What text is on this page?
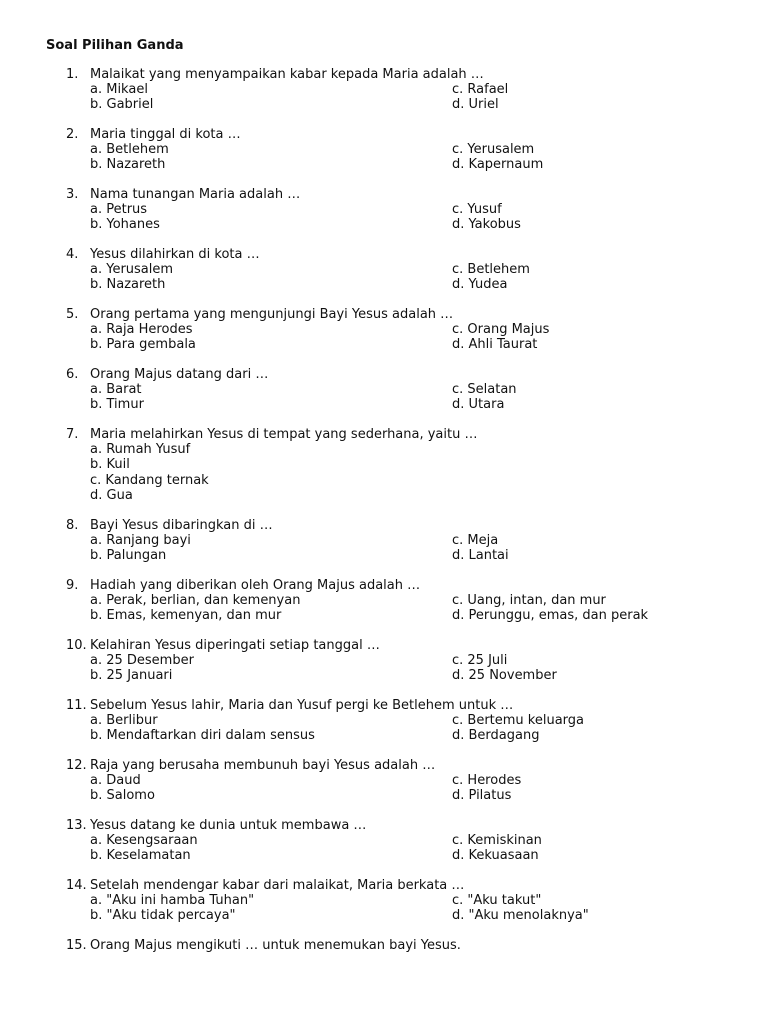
Soal Pilihan Ganda
1. Malaikat yang menyampaikan kabar kepada Maria adalah …
a. Mikael	c. Rafael
b. Gabriel	d. Uriel
2. Maria tinggal di kota …
a. Betlehem	c. Yerusalem
b. Nazareth	d. Kapernaum
3. Nama tunangan Maria adalah …
a. Petrus	c. Yusuf
b. Yohanes	d. Yakobus
4. Yesus dilahirkan di kota …
a. Yerusalem	c. Betlehem
b. Nazareth	d. Yudea
5. Orang pertama yang mengunjungi Bayi Yesus adalah …
a. Raja Herodes	c. Orang Majus
b. Para gembala	d. Ahli Taurat
6. Orang Majus datang dari …
a. Barat	c. Selatan
b. Timur	d. Utara
7. Maria melahirkan Yesus di tempat yang sederhana, yaitu …
a. Rumah Yusuf
b. Kuil
c. Kandang ternak
d. Gua
8. Bayi Yesus dibaringkan di …
a. Ranjang bayi	c. Meja
b. Palungan	d. Lantai
9. Hadiah yang diberikan oleh Orang Majus adalah …
a. Perak, berlian, dan kemenyan	c. Uang, intan, dan mur
b. Emas, kemenyan, dan mur	d. Perunggu, emas, dan perak
10. Kelahiran Yesus diperingati setiap tanggal …
a. 25 Desember	c. 25 Juli
b. 25 Januari	d. 25 November
11. Sebelum Yesus lahir, Maria dan Yusuf pergi ke Betlehem untuk …
a. Berlibur	c. Bertemu keluarga
b. Mendaftarkan diri dalam sensus	d. Berdagang
12. Raja yang berusaha membunuh bayi Yesus adalah …
a. Daud	c. Herodes
b. Salomo	d. Pilatus
13. Yesus datang ke dunia untuk membawa …
a. Kesengsaraan	c. Kemiskinan
b. Keselamatan	d. Kekuasaan
14. Setelah mendengar kabar dari malaikat, Maria berkata …
a. "Aku ini hamba Tuhan"	c. "Aku takut"
b. "Aku tidak percaya"	d. "Aku menolaknya"
15. Orang Majus mengikuti … untuk menemukan bayi Yesus.
